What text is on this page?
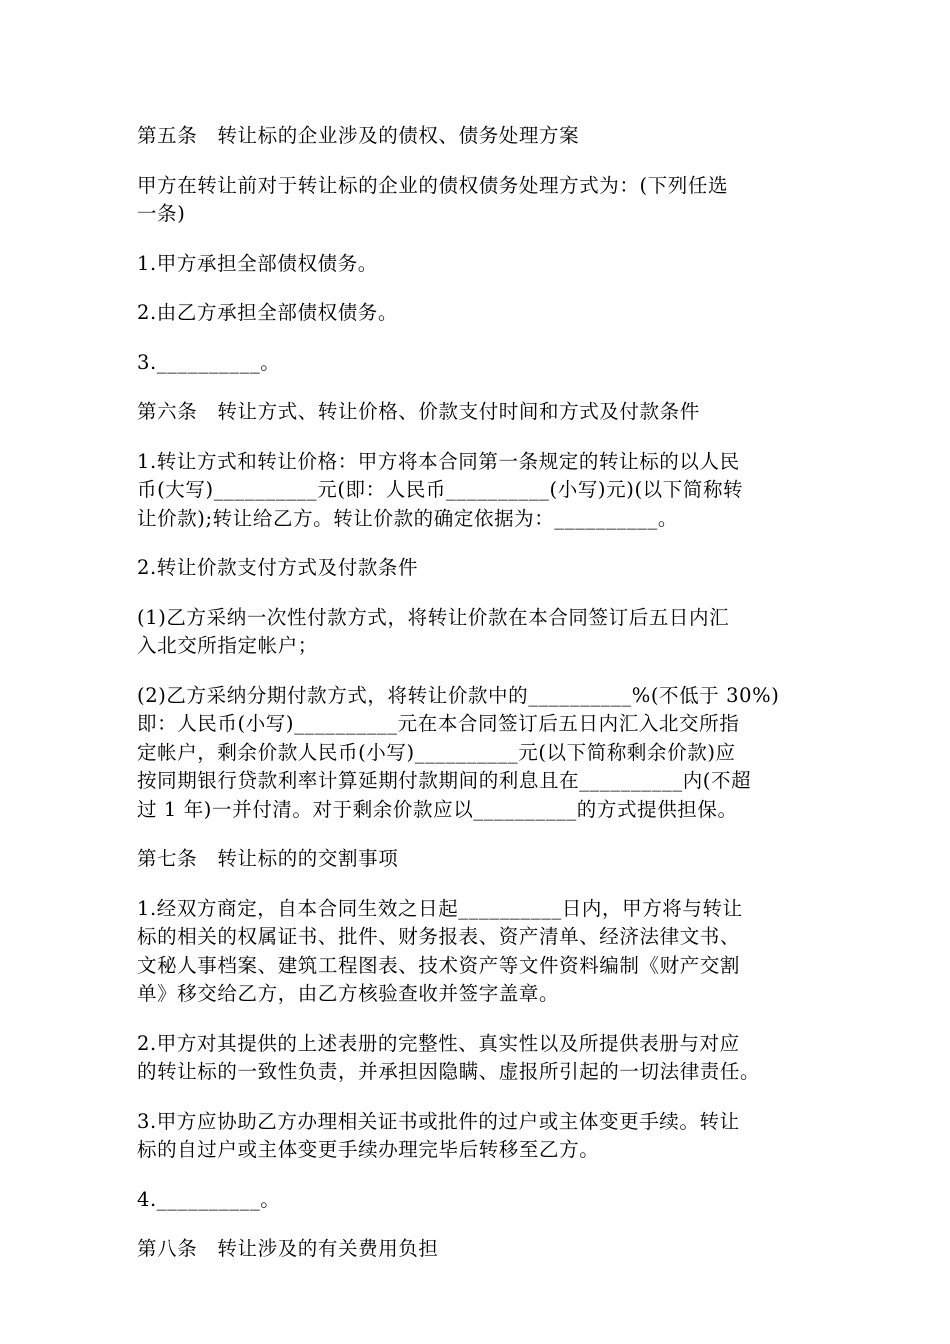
第五条　转让标的企业涉及的债权、债务处理方案
甲方在转让前对于转让标的企业的债权债务处理方式为：(下列任选
一条)
1.甲方承担全部债权债务。
2.由乙方承担全部债权债务。
3.__________。
第六条　转让方式、转让价格、价款支付时间和方式及付款条件
1.转让方式和转让价格：甲方将本合同第一条规定的转让标的以人民
币(大写)__________元(即：人民币__________(小写)元)(以下简称转
让价款);转让给乙方。转让价款的确定依据为：__________。
2.转让价款支付方式及付款条件
(1)乙方采纳一次性付款方式，将转让价款在本合同签订后五日内汇
入北交所指定帐户；
(2)乙方采纳分期付款方式，将转让价款中的__________%(不低于 30%)
即：人民币(小写)__________元在本合同签订后五日内汇入北交所指
定帐户，剩余价款人民币(小写)__________元(以下简称剩余价款)应
按同期银行贷款利率计算延期付款期间的利息且在__________内(不超
过 1 年)一并付清。对于剩余价款应以__________的方式提供担保。
第七条　转让标的的交割事项
1.经双方商定，自本合同生效之日起__________日内，甲方将与转让
标的相关的权属证书、批件、财务报表、资产清单、经济法律文书、
文秘人事档案、建筑工程图表、技术资产等文件资料编制《财产交割
单》移交给乙方，由乙方核验查收并签字盖章。
2.甲方对其提供的上述表册的完整性、真实性以及所提供表册与对应
的转让标的一致性负责，并承担因隐瞒、虚报所引起的一切法律责任。
3.甲方应协助乙方办理相关证书或批件的过户或主体变更手续。转让
标的自过户或主体变更手续办理完毕后转移至乙方。
4.__________。
第八条　转让涉及的有关费用负担
